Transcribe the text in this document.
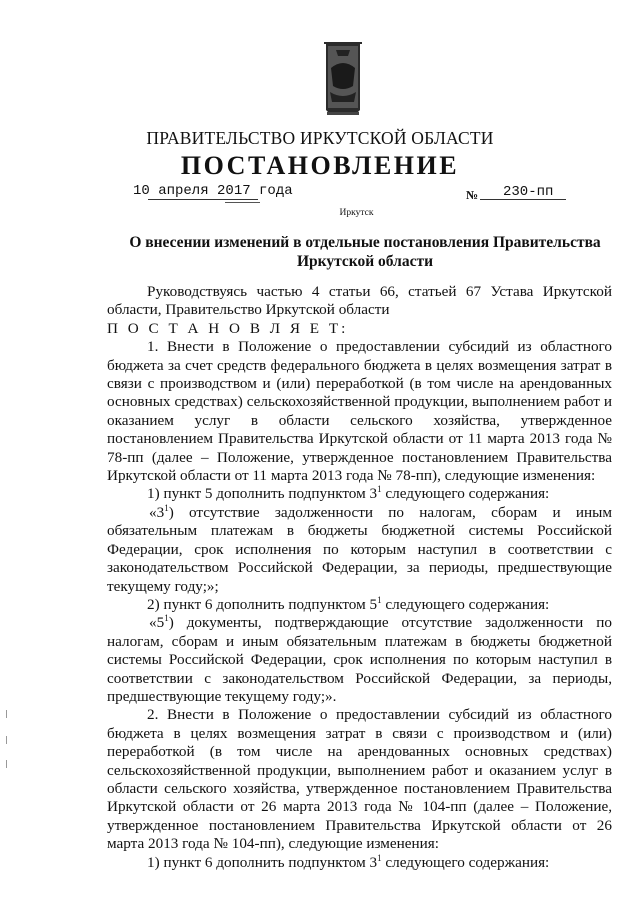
ПРАВИТЕЛЬСТВО ИРКУТСКОЙ ОБЛАСТИ
ПОСТАНОВЛЕНИЕ
10 апреля 2017 года	№ 230-пп
Иркутск
О внесении изменений в отдельные постановления Правительства
Иркутской области

Руководствуясь частью 4 статьи 66, статьей 67 Устава Иркутской области, Правительство Иркутской области

П О С Т А Н О В Л Я Е Т:

1. Внести в Положение о предоставлении субсидий из областного бюджета за счет средств федерального бюджета в целях возмещения затрат в связи с производством и (или) переработкой (в том числе на арендованных основных средствах) сельскохозяйственной продукции, выполнением работ и оказанием услуг в области сельского хозяйства, утвержденное постановлением Правительства Иркутской области от 11 марта 2013 года № 78-пп (далее – Положение, утвержденное постановлением Правительства Иркутской области от 11 марта 2013 года № 78-пп), следующие изменения:

1) пункт 5 дополнить подпунктом $3^1$ следующего содержания:

«$3^1$) отсутствие задолженности по налогам, сборам и иным обязательным платежам в бюджеты бюджетной системы Российской Федерации, срок исполнения по которым наступил в соответствии с законодательством Российской Федерации, за периоды, предшествующие текущему году;»;

2) пункт 6 дополнить подпунктом $5^1$ следующего содержания:

«$5^1$) документы, подтверждающие отсутствие задолженности по налогам, сборам и иным обязательным платежам в бюджеты бюджетной системы Российской Федерации, срок исполнения по которым наступил в соответствии с законодательством Российской Федерации, за периоды, предшествующие текущему году;».

2. Внести в Положение о предоставлении субсидий из областного бюджета в целях возмещения затрат в связи с производством и (или) переработкой (в том числе на арендованных основных средствах) сельскохозяйственной продукции, выполнением работ и оказанием услуг в области сельского хозяйства, утвержденное постановлением Правительства Иркутской области от 26 марта 2013 года № 104-пп (далее – Положение, утвержденное постановлением Правительства Иркутской области от 26 марта 2013 года № 104-пп), следующие изменения:

1) пункт 6 дополнить подпунктом $3^1$ следующего содержания:
